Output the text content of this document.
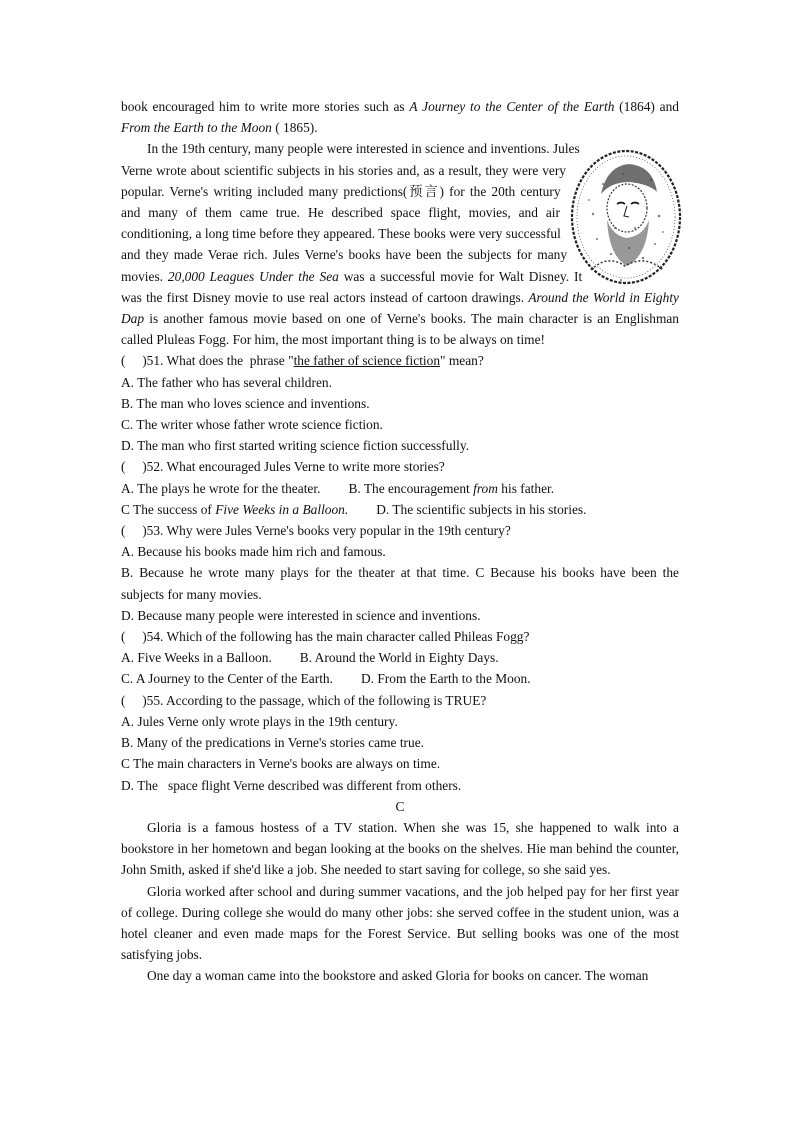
book encouraged him to write more stories such as A Journey to the Center of the Earth (1864) and From the Earth to the Moon ( 1865).

In the 19th century, many people were interested in science and inventions. Jules Verne wrote about scientific subjects in his stories and, as a result, they were very popular. Verne's writing included many predictions(预言) for the 20th century and many of them came true. He described space flight, movies, and air conditioning, a long time before they appeared. These books were very successful and they made Verae rich. Jules Verne's books have been the subjects for many movies. 20,000 Leagues Under the Sea was a successful movie for Walt Disney. It was the first Disney movie to use real actors instead of cartoon drawings. Around the World in Eighty Dap is another famous movie based on one of Verne's books. The main character is an Englishman called Pluleas Fogg. For him, the most important thing is to be always on time!

(     )51. What does the  phrase "the father of science fiction" mean?

A. The father who has several children.

B. The man who loves science and inventions.

C. The writer whose father wrote science fiction.

D. The man who first started writing science fiction successfully.

(     )52. What encouraged Jules Verne to write more stories?

A. The plays he wrote for the theater. B. The encouragement from his father.

C The success of Five Weeks in a Balloon. D. The scientific subjects in his stories.

(     )53. Why were Jules Verne's books very popular in the 19th century?

A. Because his books made him rich and famous.

B. Because he wrote many plays for the theater at that time. C Because his books have been the subjects for many movies.

D. Because many people were interested in science and inventions.

(     )54. Which of the following has the main character called Phileas Fogg?

A. Five Weeks in a Balloon. B. Around the World in Eighty Days.

C. A Journey to the Center of the Earth. D. From the Earth to the Moon.

(     )55. According to the passage, which of the following is TRUE?

A. Jules Verne only wrote plays in the 19th century.

B. Many of the predications in Verne's stories came true.

C The main characters in Verne's books are always on time.

D. The   space flight Verne described was different from others.

C

Gloria is a famous hostess of a TV station. When she was 15, she happened to walk into a bookstore in her hometown and began looking at the books on the shelves. Hie man behind the counter, John Smith, asked if she'd like a job. She needed to start saving for college, so she said yes.

Gloria worked after school and during summer vacations, and the job helped pay for her first year of college. During college she would do many other jobs: she served coffee in the student union, was a hotel cleaner and even made maps for the Forest Service. But selling books was one of the most satisfying jobs.

One day a woman came into the bookstore and asked Gloria for books on cancer. The woman
